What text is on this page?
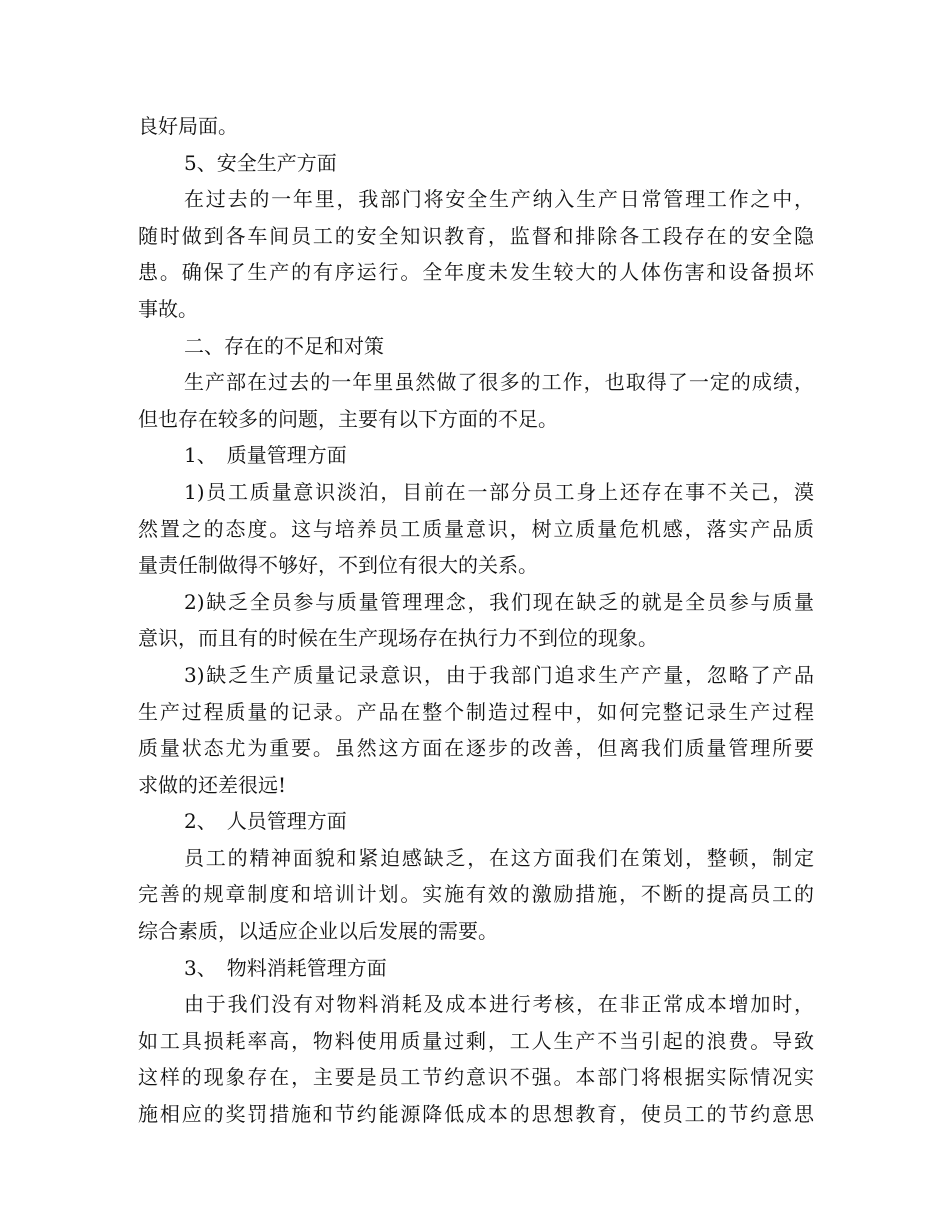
良好局面。
5、安全生产方面
在过去的一年里，我部门将安全生产纳入生产日常管理工作之中，
随时做到各车间员工的安全知识教育，监督和排除各工段存在的安全隐
患。确保了生产的有序运行。全年度未发生较大的人体伤害和设备损坏
事故。
二、存在的不足和对策
生产部在过去的一年里虽然做了很多的工作，也取得了一定的成绩，
但也存在较多的问题，主要有以下方面的不足。
1、　质量管理方面
1)员工质量意识淡泊，目前在一部分员工身上还存在事不关己，漠
然置之的态度。这与培养员工质量意识，树立质量危机感，落实产品质
量责任制做得不够好，不到位有很大的关系。
2)缺乏全员参与质量管理理念，我们现在缺乏的就是全员参与质量
意识，而且有的时候在生产现场存在执行力不到位的现象。
3)缺乏生产质量记录意识，由于我部门追求生产产量，忽略了产品
生产过程质量的记录。产品在整个制造过程中，如何完整记录生产过程
质量状态尤为重要。虽然这方面在逐步的改善，但离我们质量管理所要
求做的还差很远!
2、　人员管理方面
员工的精神面貌和紧迫感缺乏，在这方面我们在策划，整顿，制定
完善的规章制度和培训计划。实施有效的激励措施，不断的提高员工的
综合素质，以适应企业以后发展的需要。
3、　物料消耗管理方面
由于我们没有对物料消耗及成本进行考核，在非正常成本增加时，
如工具损耗率高，物料使用质量过剩，工人生产不当引起的浪费。导致
这样的现象存在，主要是员工节约意识不强。本部门将根据实际情况实
施相应的奖罚措施和节约能源降低成本的思想教育，使员工的节约意思
